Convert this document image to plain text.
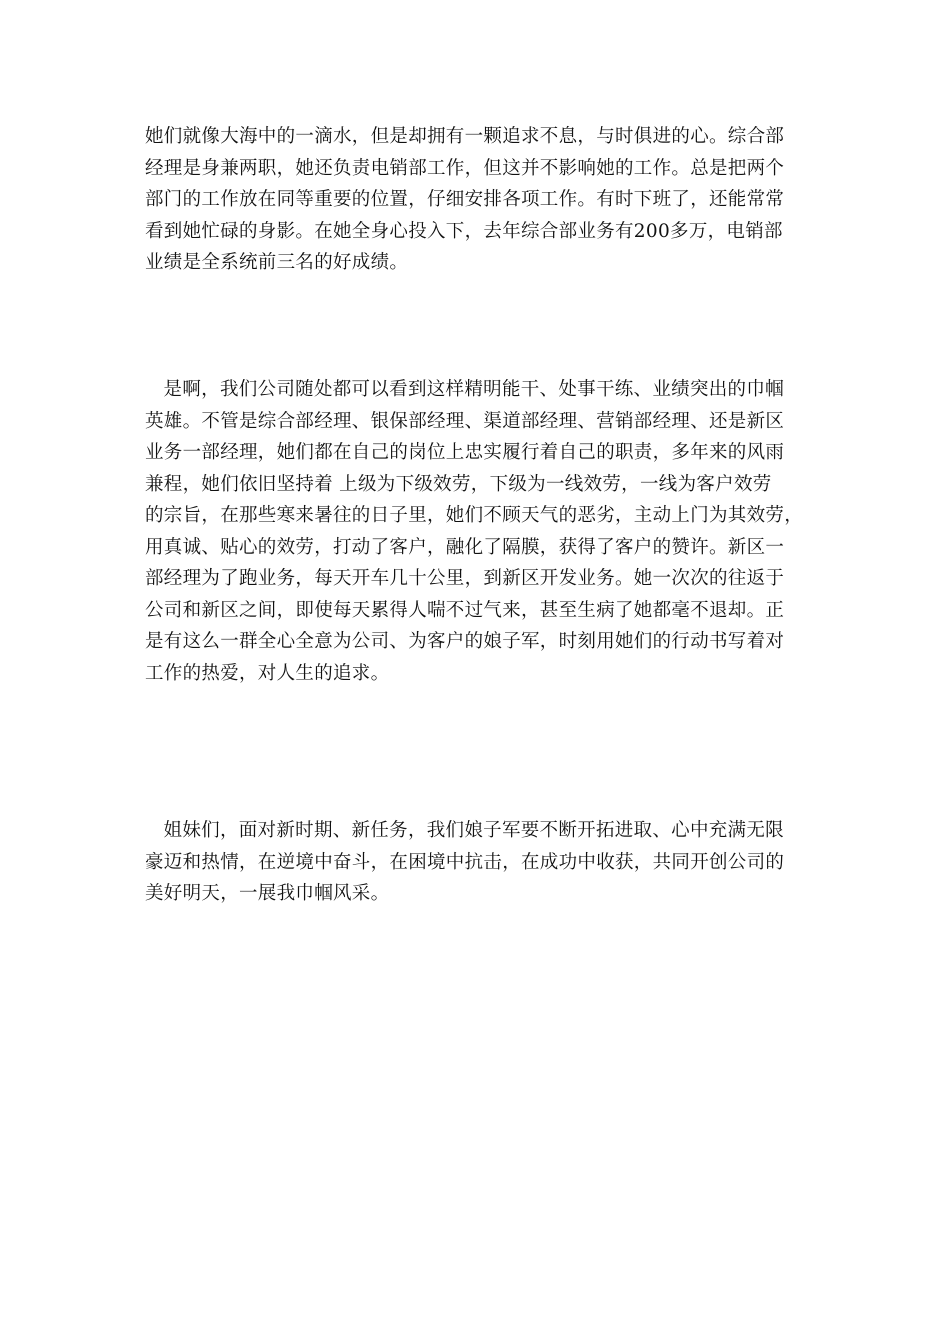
她们就像大海中的一滴水，但是却拥有一颗追求不息，与时俱进的心。综合部
经理是身兼两职，她还负责电销部工作，但这并不影响她的工作。总是把两个
部门的工作放在同等重要的位置，仔细安排各项工作。有时下班了，还能常常
看到她忙碌的身影。在她全身心投入下，去年综合部业务有200多万，电销部
业绩是全系统前三名的好成绩。
是啊，我们公司随处都可以看到这样精明能干、处事干练、业绩突出的巾帼
英雄。不管是综合部经理、银保部经理、渠道部经理、营销部经理、还是新区
业务一部经理，她们都在自己的岗位上忠实履行着自己的职责，多年来的风雨
兼程，她们依旧坚持着 上级为下级效劳，下级为一线效劳，一线为客户效劳
的宗旨，在那些寒来暑往的日子里，她们不顾天气的恶劣，主动上门为其效劳，
用真诚、贴心的效劳，打动了客户，融化了隔膜，获得了客户的赞许。新区一
部经理为了跑业务，每天开车几十公里，到新区开发业务。她一次次的往返于
公司和新区之间，即使每天累得人喘不过气来，甚至生病了她都毫不退却。正
是有这么一群全心全意为公司、为客户的娘子军，时刻用她们的行动书写着对
工作的热爱，对人生的追求。
姐妹们，面对新时期、新任务，我们娘子军要不断开拓进取、心中充满无限
豪迈和热情，在逆境中奋斗，在困境中抗击，在成功中收获，共同开创公司的
美好明天，一展我巾帼风采。
